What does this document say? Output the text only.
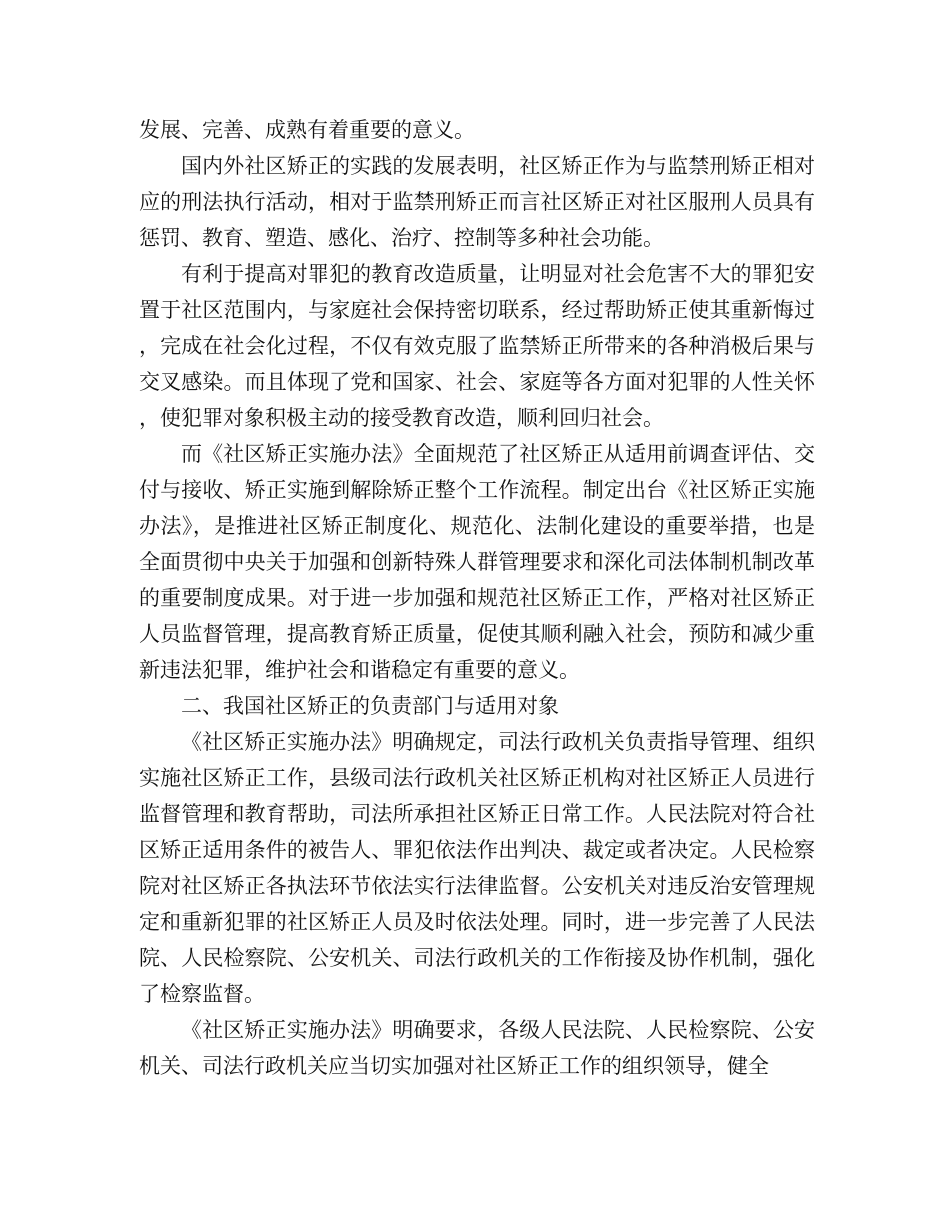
发展、完善、成熟有着重要的意义。

国内外社区矫正的实践的发展表明，社区矫正作为与监禁刑矫正相对应的刑法执行活动，相对于监禁刑矫正而言社区矫正对社区服刑人员具有惩罚、教育、塑造、感化、治疗、控制等多种社会功能。

有利于提高对罪犯的教育改造质量，让明显对社会危害不大的罪犯安置于社区范围内，与家庭社会保持密切联系，经过帮助矫正使其重新悔过，完成在社会化过程，不仅有效克服了监禁矫正所带来的各种消极后果与交叉感染。而且体现了党和国家、社会、家庭等各方面对犯罪的人性关怀，使犯罪对象积极主动的接受教育改造，顺利回归社会。

而《社区矫正实施办法》全面规范了社区矫正从适用前调查评估、交付与接收、矫正实施到解除矫正整个工作流程。制定出台《社区矫正实施办法》，是推进社区矫正制度化、规范化、法制化建设的重要举措，也是全面贯彻中央关于加强和创新特殊人群管理要求和深化司法体制机制改革的重要制度成果。对于进一步加强和规范社区矫正工作，严格对社区矫正人员监督管理，提高教育矫正质量，促使其顺利融入社会，预防和减少重新违法犯罪，维护社会和谐稳定有重要的意义。

二、我国社区矫正的负责部门与适用对象

《社区矫正实施办法》明确规定，司法行政机关负责指导管理、组织实施社区矫正工作，县级司法行政机关社区矫正机构对社区矫正人员进行监督管理和教育帮助，司法所承担社区矫正日常工作。人民法院对符合社区矫正适用条件的被告人、罪犯依法作出判决、裁定或者决定。人民检察院对社区矫正各执法环节依法实行法律监督。公安机关对违反治安管理规定和重新犯罪的社区矫正人员及时依法处理。同时，进一步完善了人民法院、人民检察院、公安机关、司法行政机关的工作衔接及协作机制，强化了检察监督。

《社区矫正实施办法》明确要求，各级人民法院、人民检察院、公安机关、司法行政机关应当切实加强对社区矫正工作的组织领导，健全
